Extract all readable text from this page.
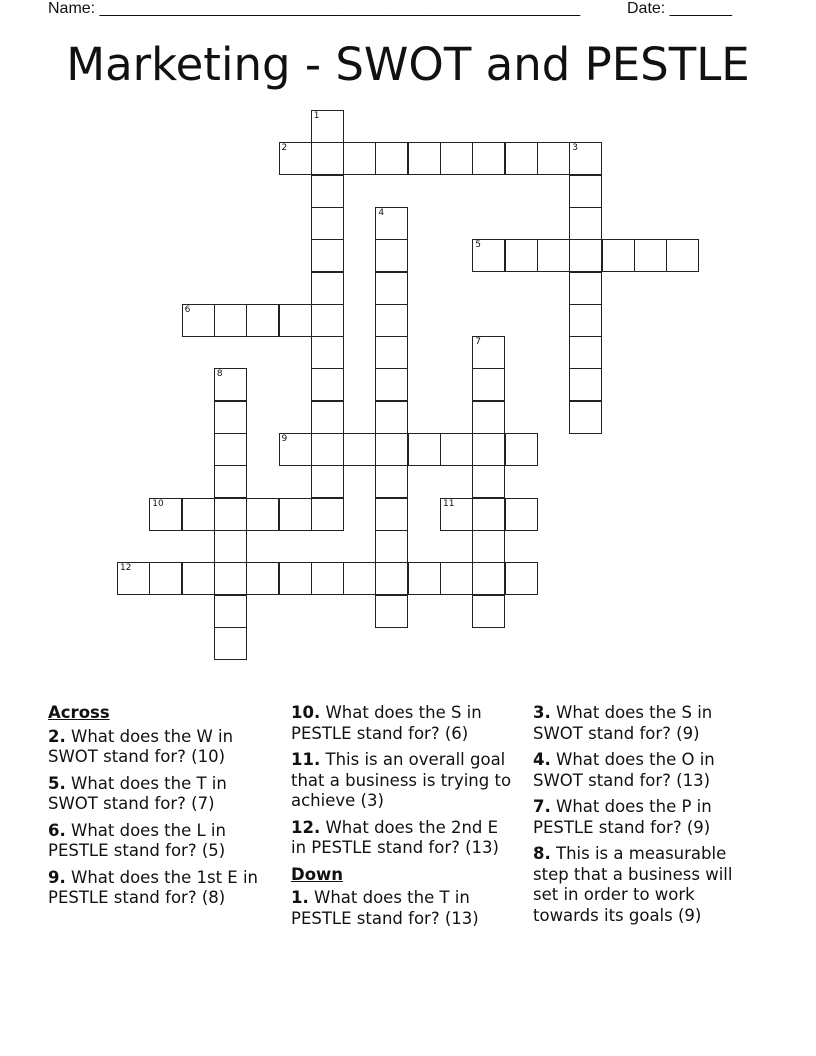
Name: ______________________________________________________	Date: _______
Marketing - SWOT and PESTLE
1
2	3
4
5
6
7
8
9
10	11
12
Across
2. What does the W in SWOT stand for? (10)
5. What does the T in SWOT stand for? (7)
6. What does the L in PESTLE stand for? (5)
9. What does the 1st E in PESTLE stand for? (8)
10. What does the S in PESTLE stand for? (6)
11. This is an overall goal that a business is trying to achieve (3)
12. What does the 2nd E in PESTLE stand for? (13)
Down
1. What does the T in PESTLE stand for? (13)
3. What does the S in SWOT stand for? (9)
4. What does the O in SWOT stand for? (13)
7. What does the P in PESTLE stand for? (9)
8. This is a measurable step that a business will set in order to work towards its goals (9)
